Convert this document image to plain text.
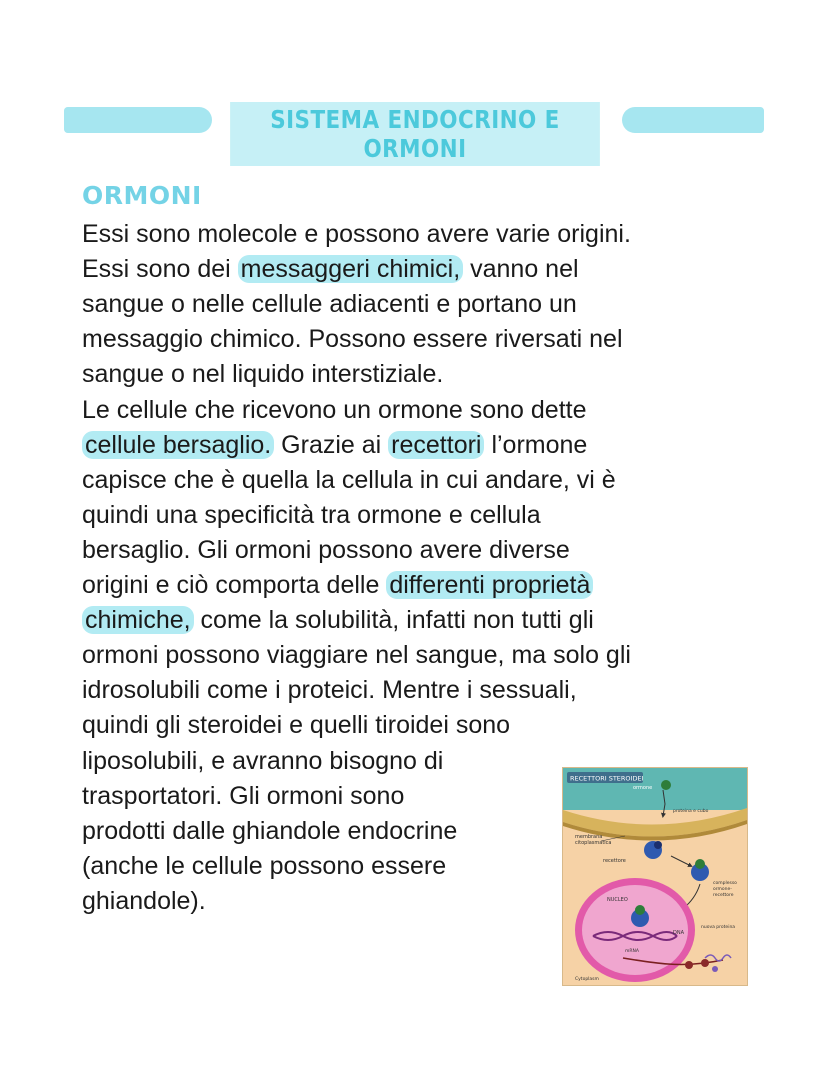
SISTEMA ENDOCRINO E ORMONI
ORMONI
Essi sono molecole e possono avere varie origini.
Essi sono dei messaggeri chimici, vanno nel
sangue o nelle cellule adiacenti e portano un
messaggio chimico. Possono essere riversati nel
sangue o nel liquido interstiziale.
Le cellule che ricevono un ormone sono dette
cellule bersaglio. Grazie ai recettori l’ormone
capisce che è quella la cellula in cui andare, vi è
quindi una specificità tra ormone e cellula
bersaglio. Gli ormoni possono avere diverse
origini e ciò comporta delle differenti proprietà
chimiche, come la solubilità, infatti non tutti gli
ormoni possono viaggiare nel sangue, ma solo gli
idrosolubili come i proteici. Mentre i sessuali,
quindi gli steroidei e quelli tiroidei sono
liposolubili, e avranno bisogno di
trasportatori. Gli ormoni sono
prodotti dalle ghiandole endocrine
(anche le cellule possono essere
ghiandole).
RECETTORI STEROIDEI
ormone
proteina e cubo
membrana
citoplasmatica
recettore
complesso
ormone-
recettore
NUCLEO
DNA
mRNA
nuova proteina
Cytoplasm
